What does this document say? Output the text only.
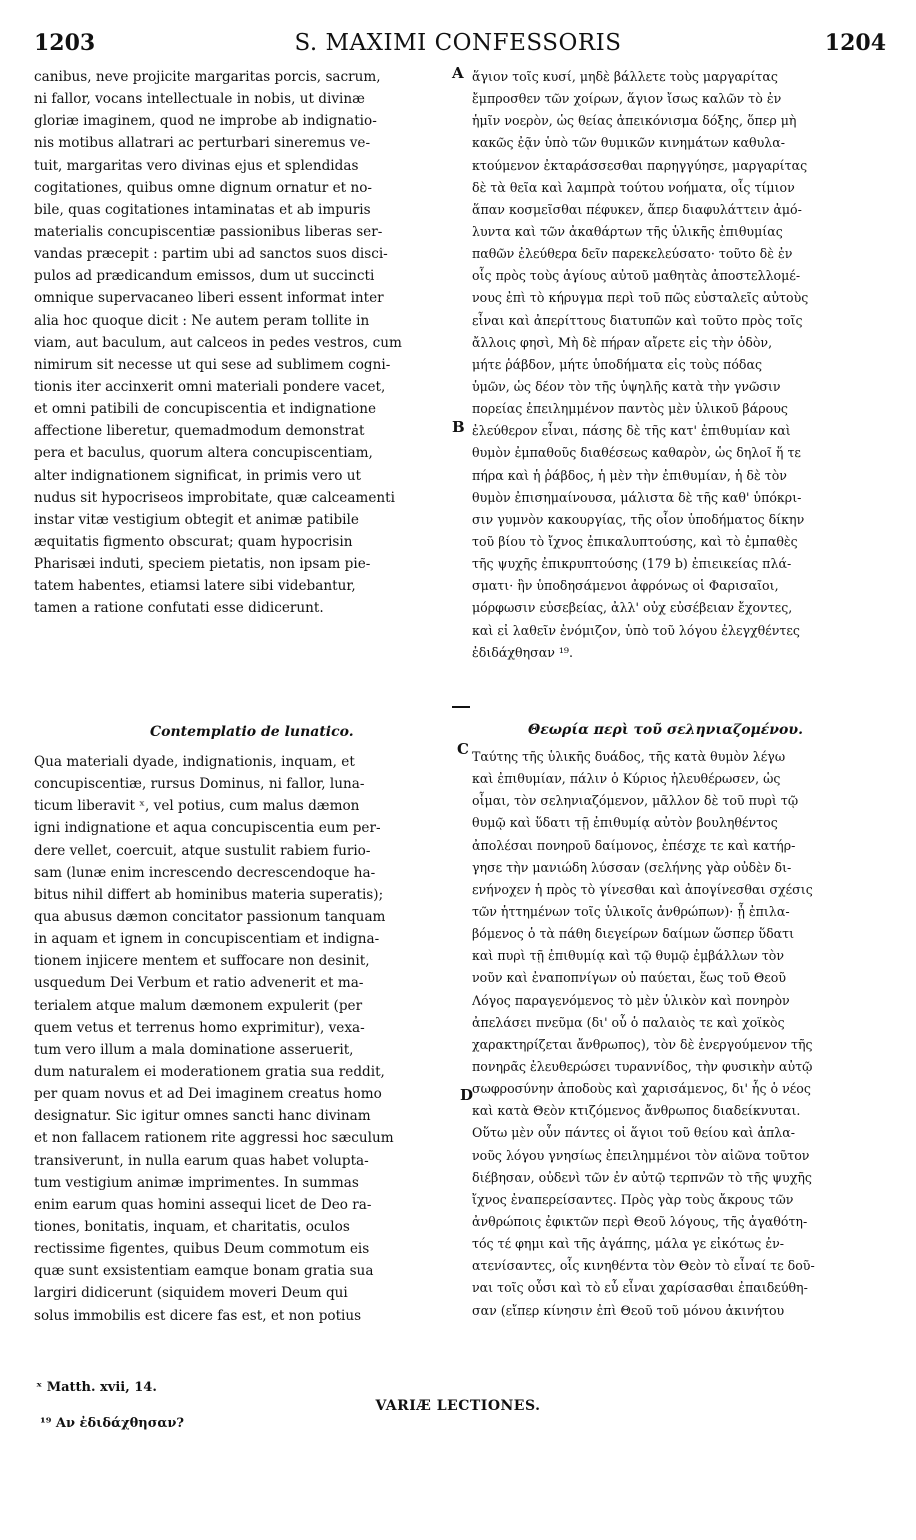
1203	S. MAXIMI CONFESSORIS	1204
A
B
C
D
canibus, neve projicite margaritas porcis, sacrum,
ni fallor, vocans intellectuale in nobis, ut divinæ
gloriæ imaginem, quod ne improbe ab indignatio-
nis motibus allatrari ac perturbari sineremus ve-
tuit, margaritas vero divinas ejus et splendidas
cogitationes, quibus omne dignum ornatur et no-
bile, quas cogitationes intaminatas et ab impuris
materialis concupiscentiæ passionibus liberas ser-
vandas præcepit : partim ubi ad sanctos suos disci-
pulos ad prædicandum emissos, dum ut succincti
omnique supervacaneo liberi essent informat inter
alia hoc quoque dicit : Ne autem peram tollite in
viam, aut baculum, aut calceos in pedes vestros, cum
nimirum sit necesse ut qui sese ad sublimem cogni-
tionis iter accinxerit omni materiali pondere vacet,
et omni patibili de concupiscentia et indignatione
affectione liberetur, quemadmodum demonstrat
pera et baculus, quorum altera concupiscentiam,
alter indignationem significat, in primis vero ut
nudus sit hypocriseos improbitate, quæ calceamenti
instar vitæ vestigium obtegit et animæ patibile
æquitatis figmento obscurat; quam hypocrisin
Pharisæi induti, speciem pietatis, non ipsam pie-
tatem habentes, etiamsi latere sibi videbantur,
tamen a ratione confutati esse didicerunt.
ἅγιον τοῖς κυσί, μηδὲ βάλλετε τοὺς μαργαρίτας
ἔμπροσθεν τῶν χοίρων, ἅγιον ἴσως καλῶν τὸ ἐν
ἡμῖν νοερὸν, ὡς θείας ἀπεικόνισμα δόξης, ὅπερ μὴ
κακῶς ἐᾷν ὑπὸ τῶν θυμικῶν κινημάτων καθυλα-
κτούμενον ἐκταράσσεσθαι παρηγγύησε, μαργαρίτας
δὲ τὰ θεῖα καὶ λαμπρὰ τούτου νοήματα, οἷς τίμιον
ἅπαν κοσμεῖσθαι πέφυκεν, ἅπερ διαφυλάττειν ἀμό-
λυντα καὶ τῶν ἀκαθάρτων τῆς ὑλικῆς ἐπιθυμίας
παθῶν ἐλεύθερα δεῖν παρεκελεύσατο· τοῦτο δὲ ἐν
οἷς πρὸς τοὺς ἁγίους αὐτοῦ μαθητὰς ἀποστελλομέ-
νους ἐπὶ τὸ κήρυγμα περὶ τοῦ πῶς εὐσταλεῖς αὐτοὺς
εἶναι καὶ ἀπερίττους διατυπῶν καὶ τοῦτο πρὸς τοῖς
ἄλλοις φησὶ, Μὴ δὲ πήραν αἴρετε εἰς τὴν ὁδὸν,
μήτε ῥάβδον, μήτε ὑποδήματα εἰς τοὺς πόδας
ὑμῶν, ὡς δέον τὸν τῆς ὑψηλῆς κατὰ τὴν γνῶσιν
πορείας ἐπειλημμένον παντὸς μὲν ὑλικοῦ βάρους
ἐλεύθερον εἶναι, πάσης δὲ τῆς κατ' ἐπιθυμίαν καὶ
θυμὸν ἐμπαθοῦς διαθέσεως καθαρὸν, ὡς δηλοῖ ἥ τε
πήρα καὶ ἡ ῥάβδος, ἡ μὲν τὴν ἐπιθυμίαν, ἡ δὲ τὸν
θυμὸν ἐπισημαίνουσα, μάλιστα δὲ τῆς καθ' ὑπόκρι-
σιν γυμνὸν κακουργίας, τῆς οἷον ὑποδήματος δίκην
τοῦ βίου τὸ ἴχνος ἐπικαλυπτούσης, καὶ τὸ ἐμπαθὲς
τῆς ψυχῆς ἐπικρυπτούσης (179 b) ἐπιεικείας πλά-
σματι· ἣν ὑποδησάμενοι ἀφρόνως οἱ Φαρισαῖοι,
μόρφωσιν εὐσεβείας, ἀλλ' οὐχ εὐσέβειαν ἔχοντες,
καὶ εἰ λαθεῖν ἐνόμιζον, ὑπὸ τοῦ λόγου ἐλεγχθέντες
ἐδιδάχθησαν ¹⁹.
Contemplatio de lunatico.	Θεωρία περὶ τοῦ σεληνιαζομένου.
Qua materiali dyade, indignationis, inquam, et
concupiscentiæ, rursus Dominus, ni fallor, luna-
ticum liberavit ˣ, vel potius, cum malus dæmon
igni indignatione et aqua concupiscentia eum per-
dere vellet, coercuit, atque sustulit rabiem furio-
sam (lunæ enim increscendo decrescendoque ha-
bitus nihil differt ab hominibus materia superatis);
qua abusus dæmon concitator passionum tanquam
in aquam et ignem in concupiscentiam et indigna-
tionem injicere mentem et suffocare non desinit,
usquedum Dei Verbum et ratio advenerit et ma-
terialem atque malum dæmonem expulerit (per
quem vetus et terrenus homo exprimitur), vexa-
tum vero illum a mala dominatione asseruerit,
dum naturalem ei moderationem gratia sua reddit,
per quam novus et ad Dei imaginem creatus homo
designatur. Sic igitur omnes sancti hanc divinam
et non fallacem rationem rite aggressi hoc sæculum
transiverunt, in nulla earum quas habet volupta-
tum vestigium animæ imprimentes. In summas
enim earum quas homini assequi licet de Deo ra-
tiones, bonitatis, inquam, et charitatis, oculos
rectissime figentes, quibus Deum commotum eis
quæ sunt exsistentiam eamque bonam gratia sua
largiri didicerunt (siquidem moveri Deum qui
solus immobilis est dicere fas est, et non potius
Ταύτης τῆς ὑλικῆς δυάδος, τῆς κατὰ θυμὸν λέγω
καὶ ἐπιθυμίαν, πάλιν ὁ Κύριος ἠλευθέρωσεν, ὡς
οἶμαι, τὸν σεληνιαζόμενον, μᾶλλον δὲ τοῦ πυρὶ τῷ
θυμῷ καὶ ὕδατι τῇ ἐπιθυμίᾳ αὐτὸν βουληθέντος
ἀπολέσαι πονηροῦ δαίμονος, ἐπέσχε τε καὶ κατήρ-
γησε τὴν μανιώδη λύσσαν (σελήνης γὰρ οὐδὲν δι-
ενήνοχεν ἡ πρὸς τὸ γίνεσθαι καὶ ἀπογίνεσθαι σχέσις
τῶν ἡττημένων τοῖς ὑλικοῖς ἀνθρώπων)· ᾗ ἐπιλα-
βόμενος ὁ τὰ πάθη διεγείρων δαίμων ὥσπερ ὕδατι
καὶ πυρὶ τῇ ἐπιθυμίᾳ καὶ τῷ θυμῷ ἐμβάλλων τὸν
νοῦν καὶ ἐναποπνίγων οὐ παύεται, ἕως τοῦ Θεοῦ
Λόγος παραγενόμενος τὸ μὲν ὑλικὸν καὶ πονηρὸν
ἀπελάσει πνεῦμα (δι' οὗ ὁ παλαιὸς τε καὶ χοϊκὸς
χαρακτηρίζεται ἄνθρωπος), τὸν δὲ ἐνεργούμενον τῆς
πονηρᾶς ἐλευθερώσει τυραννίδος, τὴν φυσικὴν αὐτῷ
σωφροσύνην ἀποδοὺς καὶ χαρισάμενος, δι' ἧς ὁ νέος
καὶ κατὰ Θεὸν κτιζόμενος ἄνθρωπος διαδείκνυται.
Οὕτω μὲν οὖν πάντες οἱ ἅγιοι τοῦ θείου καὶ ἀπλα-
νοῦς λόγου γνησίως ἐπειλημμένοι τὸν αἰῶνα τοῦτον
διέβησαν, οὐδενὶ τῶν ἐν αὐτῷ τερπνῶν τὸ τῆς ψυχῆς
ἴχνος ἐναπερείσαντες. Πρὸς γὰρ τοὺς ἄκρους τῶν
ἀνθρώποις ἐφικτῶν περὶ Θεοῦ λόγους, τῆς ἀγαθότη-
τός τέ φημι καὶ τῆς ἀγάπης, μάλα γε εἰκότως ἐν-
ατενίσαντες, οἷς κινηθέντα τὸν Θεὸν τὸ εἶναί τε δοῦ-
ναι τοῖς οὖσι καὶ τὸ εὖ εἶναι χαρίσασθαι ἐπαιδεύθη-
σαν (εἴπερ κίνησιν ἐπὶ Θεοῦ τοῦ μόνου ἀκινήτου
ˣ Matth. xvii, 14.
¹⁹ Αν ἐδιδάχθησαν?
VARIÆ LECTIONES.
